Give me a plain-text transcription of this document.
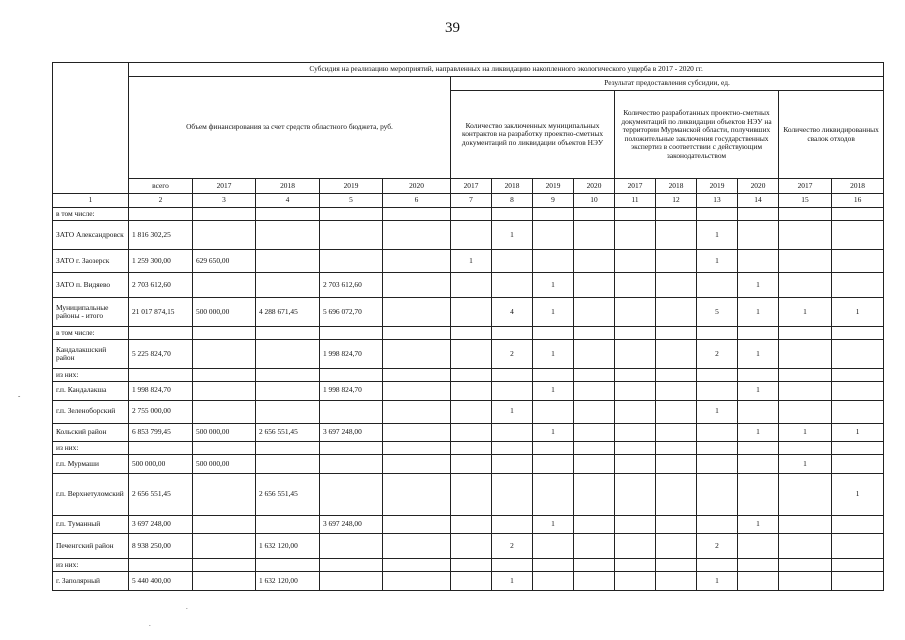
39
-
.
.
	Субсидия на реализацию мероприятий, направленных на ликвидацию накопленного экологического ущерба в 2017 - 2020 гг.														
	Объем финансирования за счет средств областного бюджета, руб.					Результат предоставления субсидии, ед.									
						Количество заключенных муниципальных контрактов на разработку проектно-сметных документаций по ликвидации объектов НЭУ				Количество разработанных проектно-сметных документаций по ликвидации объектов НЭУ на территории Мурманской области, получивших положительные заключения государственных экспертиз в соответствии с действующим законодательством				Количество ликвидированных свалок отходов	
	всего	2017	2018	2019	2020	2017	2018	2019	2020	2017	2018	2019	2020	2017	2018
1	2	3	4	5	6	7	8	9	10	11	12	13	14	15	16
в том числе:															
ЗАТО Александровск	1 816 302,25						1					1			
ЗАТО г. Заозерск	1 259 300,00	629 650,00				1						1			
ЗАТО п. Видяево	2 703 612,60			2 703 612,60				1					1		
Муниципальные районы - итого	21 017 874,15	500 000,00	4 288 671,45	5 696 072,70			4	1				5	1	1	1
в том числе:															
Кандалакшский район	5 225 824,70			1 998 824,70			2	1				2	1		
из них:															
г.п. Кандалакша	1 998 824,70			1 998 824,70				1					1		
г.п. Зеленоборский	2 755 000,00						1					1			
Кольский район	6 853 799,45	500 000,00	2 656 551,45	3 697 248,00				1					1	1	1
из них:															
г.п. Мурмаши	500 000,00	500 000,00												1	
г.п. Верхнетуломский	2 656 551,45		2 656 551,45												1
г.п. Туманный	3 697 248,00			3 697 248,00				1					1		
Печенгский район	8 938 250,00		1 632 120,00				2					2			
из них:															
г. Заполярный	5 440 400,00		1 632 120,00				1					1			
